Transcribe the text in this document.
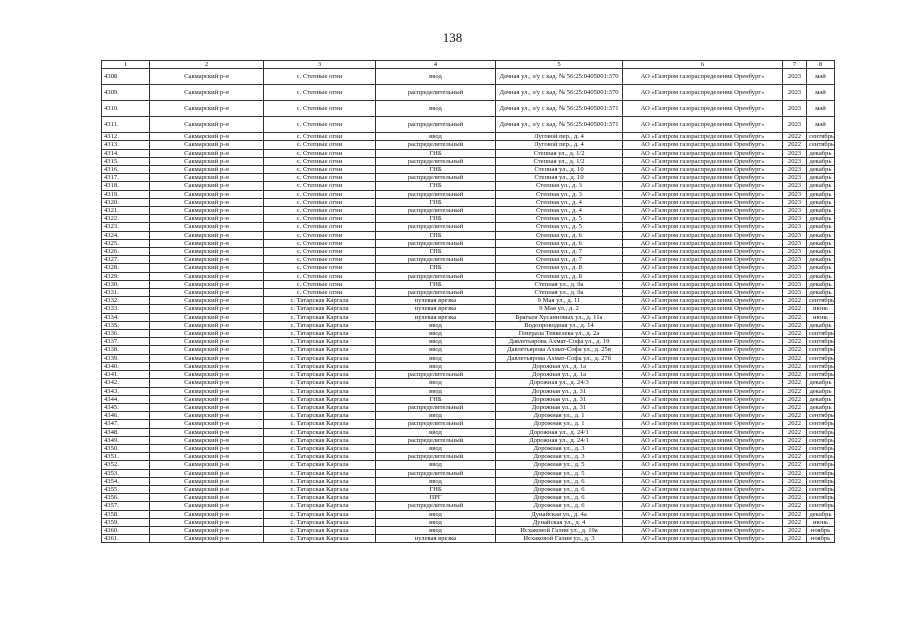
138
1	2	3	4	5	6	7	8
4308.	Сакмарский р-н	с. Степные огни	ввод	Дачная ул., з/у с кад. № 56:25:0405001:370	АО «Газпром газораспределение Оренбург»	2023	май
4309.	Сакмарский р-н	с. Степные огни	распределительный	Дачная ул., з/у с кад. № 56:25:0405001:370	АО «Газпром газораспределение Оренбург»	2023	май
4310.	Сакмарский р-н	с. Степные огни	ввод	Дачная ул., з/у с кад. № 56:25:0405001:371	АО «Газпром газораспределение Оренбург»	2023	май
4311.	Сакмарский р-н	с. Степные огни	распределительный	Дачная ул., з/у с кад. № 56:25:0405001:371	АО «Газпром газораспределение Оренбург»	2023	май
4312.	Сакмарский р-н	с. Степные огни	ввод	Луговой пер., д. 4	АО «Газпром газораспределение Оренбург»	2022	сентябрь
4313.	Сакмарский р-н	с. Степные огни	распределительный	Луговой пер., д. 4	АО «Газпром газораспределение Оренбург»	2022	сентябрь
4314.	Сакмарский р-н	с. Степные огни	ГНБ	Степная ул., д. 1/2	АО «Газпром газораспределение Оренбург»	2023	декабрь
4315.	Сакмарский р-н	с. Степные огни	распределительный	Степная ул., д. 1/2	АО «Газпром газораспределение Оренбург»	2023	декабрь
4316.	Сакмарский р-н	с. Степные огни	ГНБ	Степная ул., д. 10	АО «Газпром газораспределение Оренбург»	2023	декабрь
4317.	Сакмарский р-н	с. Степные огни	распределительный	Степная ул., д. 10	АО «Газпром газораспределение Оренбург»	2023	декабрь
4318.	Сакмарский р-н	с. Степные огни	ГНБ	Степная ул., д. 3	АО «Газпром газораспределение Оренбург»	2023	декабрь
4319.	Сакмарский р-н	с. Степные огни	распределительный	Степная ул., д. 3	АО «Газпром газораспределение Оренбург»	2023	декабрь
4320.	Сакмарский р-н	с. Степные огни	ГНБ	Степная ул., д. 4	АО «Газпром газораспределение Оренбург»	2023	декабрь
4321.	Сакмарский р-н	с. Степные огни	распределительный	Степная ул., д. 4	АО «Газпром газораспределение Оренбург»	2023	декабрь
4322.	Сакмарский р-н	с. Степные огни	ГНБ	Степная ул., д. 5	АО «Газпром газораспределение Оренбург»	2023	декабрь
4323.	Сакмарский р-н	с. Степные огни	распределительный	Степная ул., д. 5	АО «Газпром газораспределение Оренбург»	2023	декабрь
4324.	Сакмарский р-н	с. Степные огни	ГНБ	Степная ул., д. 6	АО «Газпром газораспределение Оренбург»	2023	декабрь
4325.	Сакмарский р-н	с. Степные огни	распределительный	Степная ул., д. 6	АО «Газпром газораспределение Оренбург»	2023	декабрь
4326.	Сакмарский р-н	с. Степные огни	ГНБ	Степная ул., д. 7	АО «Газпром газораспределение Оренбург»	2023	декабрь
4327.	Сакмарский р-н	с. Степные огни	распределительный	Степная ул., д. 7	АО «Газпром газораспределение Оренбург»	2023	декабрь
4328.	Сакмарский р-н	с. Степные огни	ГНБ	Степная ул., д. 8	АО «Газпром газораспределение Оренбург»	2023	декабрь
4329.	Сакмарский р-н	с. Степные огни	распределительный	Степная ул., д. 8	АО «Газпром газораспределение Оренбург»	2023	декабрь
4330.	Сакмарский р-н	с. Степные огни	ГНБ	Степная ул., д. 9а	АО «Газпром газораспределение Оренбург»	2023	декабрь
4331.	Сакмарский р-н	с. Степные огни	распределительный	Степная ул., д. 9а	АО «Газпром газораспределение Оренбург»	2023	декабрь
4332.	Сакмарский р-н	с. Татарская Каргала	нулевая врезка	9 Мая ул., д. 11	АО «Газпром газораспределение Оренбург»	2022	сентябрь
4333.	Сакмарский р-н	с. Татарская Каргала	нулевая врезка	9 Мая ул., д. 2	АО «Газпром газораспределение Оренбург»	2022	июнь
4334.	Сакмарский р-н	с. Татарская Каргала	нулевая врезка	Братьев Хусаиновых ул., д. 11а	АО «Газпром газораспределение Оренбург»	2022	июнь
4335.	Сакмарский р-н	с. Татарская Каргала	ввод	Водопроводная ул., д. 14	АО «Газпром газораспределение Оренбург»	2022	декабрь
4336.	Сакмарский р-н	с. Татарская Каргала	ввод	Генерала Тевкелева ул., д. 2а	АО «Газпром газораспределение Оренбург»	2022	сентябрь
4337.	Сакмарский р-н	с. Татарская Каргала	ввод	Давлетьярова Ахмат-Софа ул., д. 19	АО «Газпром газораспределение Оренбург»	2022	сентябрь
4338.	Сакмарский р-н	с. Татарская Каргала	ввод	Давлетьярова Ахмат-Софа ул., д. 25в	АО «Газпром газораспределение Оренбург»	2022	сентябрь
4339.	Сакмарский р-н	с. Татарская Каргала	ввод	Давлетьярова Ахмат-Софа ул., д. 27б	АО «Газпром газораспределение Оренбург»	2022	сентябрь
4340.	Сакмарский р-н	с. Татарская Каргала	ввод	Дорожная ул., д. 1а	АО «Газпром газораспределение Оренбург»	2022	сентябрь
4341.	Сакмарский р-н	с. Татарская Каргала	распределительный	Дорожная ул., д. 1а	АО «Газпром газораспределение Оренбург»	2022	сентябрь
4342.	Сакмарский р-н	с. Татарская Каргала	ввод	Дорожная ул., д. 24/3	АО «Газпром газораспределение Оренбург»	2022	декабрь
4343.	Сакмарский р-н	с. Татарская Каргала	ввод	Дорожная ул., д. 31	АО «Газпром газораспределение Оренбург»	2022	декабрь
4344.	Сакмарский р-н	с. Татарская Каргала	ГНБ	Дорожная ул., д. 31	АО «Газпром газораспределение Оренбург»	2022	декабрь
4345.	Сакмарский р-н	с. Татарская Каргала	распределительный	Дорожная ул., д. 31	АО «Газпром газораспределение Оренбург»	2022	декабрь
4346.	Сакмарский р-н	с. Татарская Каргала	ввод	Дорожная ул., д. 1	АО «Газпром газораспределение Оренбург»	2022	сентябрь
4347.	Сакмарский р-н	с. Татарская Каргала	распределительный	Дорожная ул., д. 1	АО «Газпром газораспределение Оренбург»	2022	сентябрь
4348.	Сакмарский р-н	с. Татарская Каргала	ввод	Дорожная ул., д. 24/1	АО «Газпром газораспределение Оренбург»	2022	сентябрь
4349.	Сакмарский р-н	с. Татарская Каргала	распределительный	Дорожная ул., д. 24/1	АО «Газпром газораспределение Оренбург»	2022	сентябрь
4350.	Сакмарский р-н	с. Татарская Каргала	ввод	Дорожная ул., д. 3	АО «Газпром газораспределение Оренбург»	2022	сентябрь
4351.	Сакмарский р-н	с. Татарская Каргала	распределительный	Дорожная ул., д. 3	АО «Газпром газораспределение Оренбург»	2022	сентябрь
4352.	Сакмарский р-н	с. Татарская Каргала	ввод	Дорожная ул., д. 5	АО «Газпром газораспределение Оренбург»	2022	сентябрь
4353.	Сакмарский р-н	с. Татарская Каргала	распределительный	Дорожная ул., д. 5	АО «Газпром газораспределение Оренбург»	2022	сентябрь
4354.	Сакмарский р-н	с. Татарская Каргала	ввод	Дорожная ул., д. 6	АО «Газпром газораспределение Оренбург»	2022	сентябрь
4355.	Сакмарский р-н	с. Татарская Каргала	ГНБ	Дорожная ул., д. 6	АО «Газпром газораспределение Оренбург»	2022	сентябрь
4356.	Сакмарский р-н	с. Татарская Каргала	ПРГ	Дорожная ул., д. 6	АО «Газпром газораспределение Оренбург»	2022	сентябрь
4357.	Сакмарский р-н	с. Татарская Каргала	распределительный	Дорожная ул., д. 6	АО «Газпром газораспределение Оренбург»	2022	сентябрь
4358.	Сакмарский р-н	с. Татарская Каргала	ввод	Дунайская ул., д. 4а	АО «Газпром газораспределение Оренбург»	2022	декабрь
4359.	Сакмарский р-н	с. Татарская Каргала	ввод	Дунайская ул., д. 4	АО «Газпром газораспределение Оренбург»	2022	июнь
4360.	Сакмарский р-н	с. Татарская Каргала	ввод	Исхаковой Галии ул., д. 19а	АО «Газпром газораспределение Оренбург»	2022	ноябрь
4361.	Сакмарский р-н	с. Татарская Каргала	нулевая врезка	Исхаковой Галии ул., д. 3	АО «Газпром газораспределение Оренбург»	2022	ноябрь
